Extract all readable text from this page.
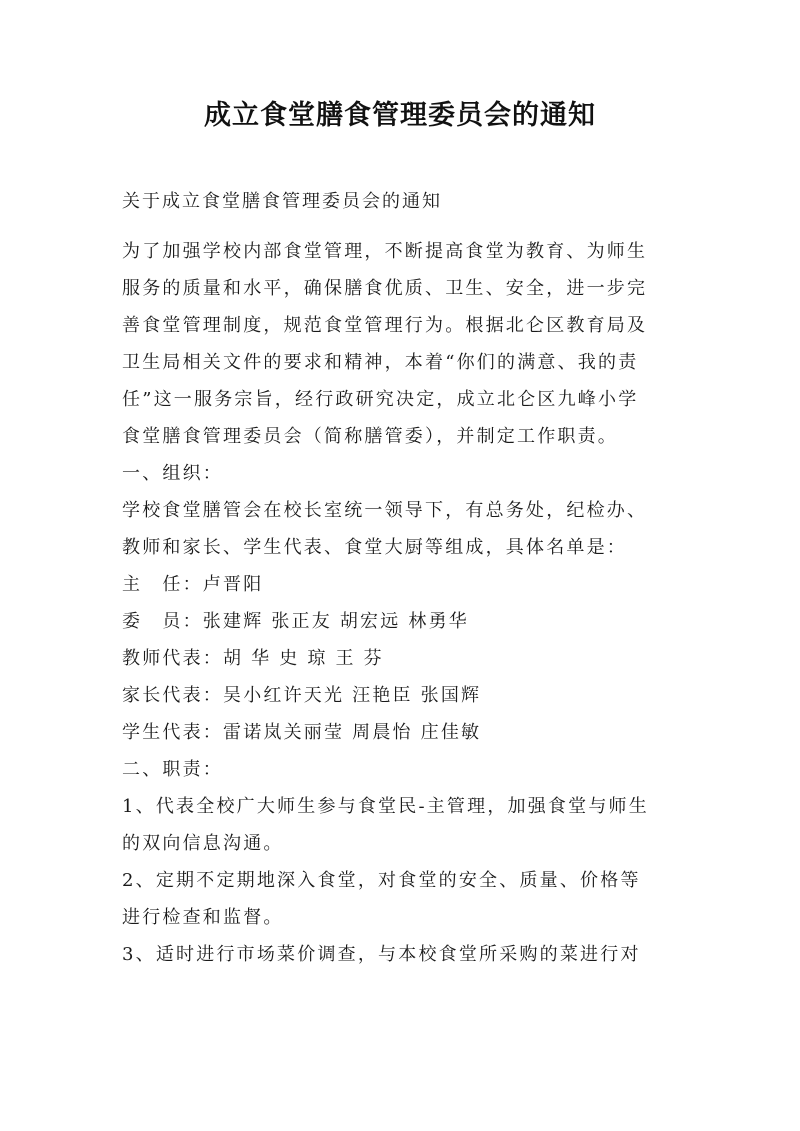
成立食堂膳食管理委员会的通知
关于成立食堂膳食管理委员会的通知
为了加强学校内部食堂管理，不断提高食堂为教育、为师生
服务的质量和水平，确保膳食优质、卫生、安全，进一步完
善食堂管理制度，规范食堂管理行为。根据北仑区教育局及
卫生局相关文件的要求和精神，本着“你们的满意、我的责
任”这一服务宗旨，经行政研究决定，成立北仑区九峰小学
食堂膳食管理委员会（简称膳管委），并制定工作职责。
一、组织：
学校食堂膳管会在校长室统一领导下，有总务处，纪检办、
教师和家长、学生代表、食堂大厨等组成，具体名单是：
主　任：卢晋阳
委　员：张建辉 张正友 胡宏远 林勇华
教师代表：胡 华 史 琼 王 芬
家长代表：吴小红许天光 汪艳臣 张国辉
学生代表：雷诺岚关丽莹 周晨怡 庄佳敏
二、职责：
1、代表全校广大师生参与食堂民-主管理，加强食堂与师生
的双向信息沟通。
2、定期不定期地深入食堂，对食堂的安全、质量、价格等
进行检查和监督。
3、适时进行市场菜价调查，与本校食堂所采购的菜进行对
